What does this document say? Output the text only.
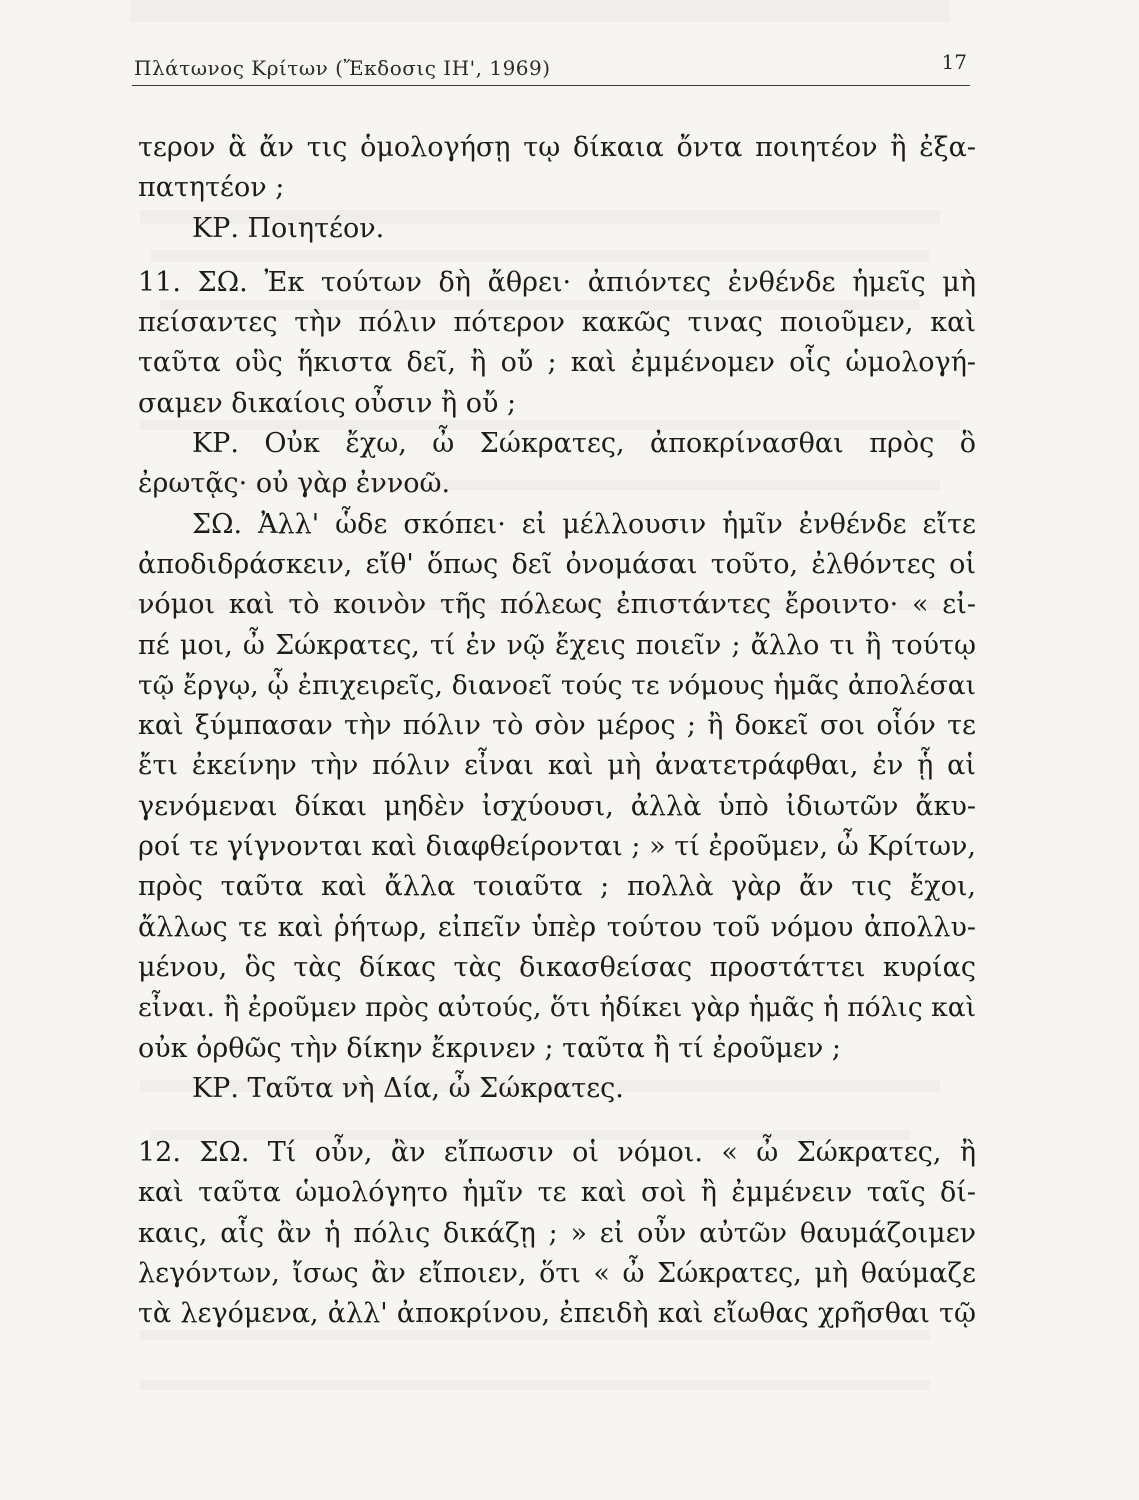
Πλάτωνος Κρίτων (Ἔκδοσις ΙΗ', 1969)	17
τερον ἃ ἄν τις ὁμολογήσῃ τῳ δίκαια ὄντα ποιητέον ἢ ἐξα-
πατητέον ;
ΚΡ. Ποιητέον.
11. ΣΩ. Ἐκ τούτων δὴ ἄθρει· ἀπιόντες ἐνθένδε ἡμεῖς μὴ
πείσαντες τὴν πόλιν πότερον κακῶς τινας ποιοῦμεν, καὶ
ταῦτα οὓς ἥκιστα δεῖ, ἢ οὔ ; καὶ ἐμμένομεν οἷς ὡμολογή-
σαμεν δικαίοις οὖσιν ἢ οὔ ;
ΚΡ. Οὐκ ἔχω, ὦ Σώκρατες, ἀποκρίνασθαι πρὸς ὃ
ἐρωτᾷς· οὐ γὰρ ἐννοῶ.
ΣΩ. Ἀλλ' ὧδε σκόπει· εἰ μέλλουσιν ἡμῖν ἐνθένδε εἴτε
ἀποδιδράσκειν, εἴθ' ὅπως δεῖ ὀνομάσαι τοῦτο, ἐλθόντες οἱ
νόμοι καὶ τὸ κοινὸν τῆς πόλεως ἐπιστάντες ἔροιντο· « εἰ-
πέ μοι, ὦ Σώκρατες, τί ἐν νῷ ἔχεις ποιεῖν ; ἄλλο τι ἢ τούτῳ
τῷ ἔργῳ, ᾧ ἐπιχειρεῖς, διανοεῖ τούς τε νόμους ἡμᾶς ἀπολέσαι
καὶ ξύμπασαν τὴν πόλιν τὸ σὸν μέρος ; ἢ δοκεῖ σοι οἷόν τε
ἔτι ἐκείνην τὴν πόλιν εἶναι καὶ μὴ ἀνατετράφθαι, ἐν ᾗ αἱ
γενόμεναι δίκαι μηδὲν ἰσχύουσι, ἀλλὰ ὑπὸ ἰδιωτῶν ἄκυ-
ροί τε γίγνονται καὶ διαφθείρονται ; » τί ἐροῦμεν, ὦ Κρίτων,
πρὸς ταῦτα καὶ ἄλλα τοιαῦτα ; πολλὰ γὰρ ἄν τις ἔχοι,
ἄλλως τε καὶ ῥήτωρ, εἰπεῖν ὑπὲρ τούτου τοῦ νόμου ἀπολλυ-
μένου, ὃς τὰς δίκας τὰς δικασθείσας προστάττει κυρίας
εἶναι. ἢ ἐροῦμεν πρὸς αὐτούς, ὅτι ἠδίκει γὰρ ἡμᾶς ἡ πόλις καὶ
οὐκ ὀρθῶς τὴν δίκην ἔκρινεν ; ταῦτα ἢ τί ἐροῦμεν ;
ΚΡ. Ταῦτα νὴ Δία, ὦ Σώκρατες.
12. ΣΩ. Τί οὖν, ἂν εἴπωσιν οἱ νόμοι. « ὦ Σώκρατες, ἢ
καὶ ταῦτα ὡμολόγητο ἡμῖν τε καὶ σοὶ ἢ ἐμμένειν ταῖς δί-
καις, αἷς ἂν ἡ πόλις δικάζῃ ; » εἰ οὖν αὐτῶν θαυμάζοιμεν
λεγόντων, ἴσως ἂν εἴποιεν, ὅτι « ὦ Σώκρατες, μὴ θαύμαζε
τὰ λεγόμενα, ἀλλ' ἀποκρίνου, ἐπειδὴ καὶ εἴωθας χρῆσθαι τῷ
